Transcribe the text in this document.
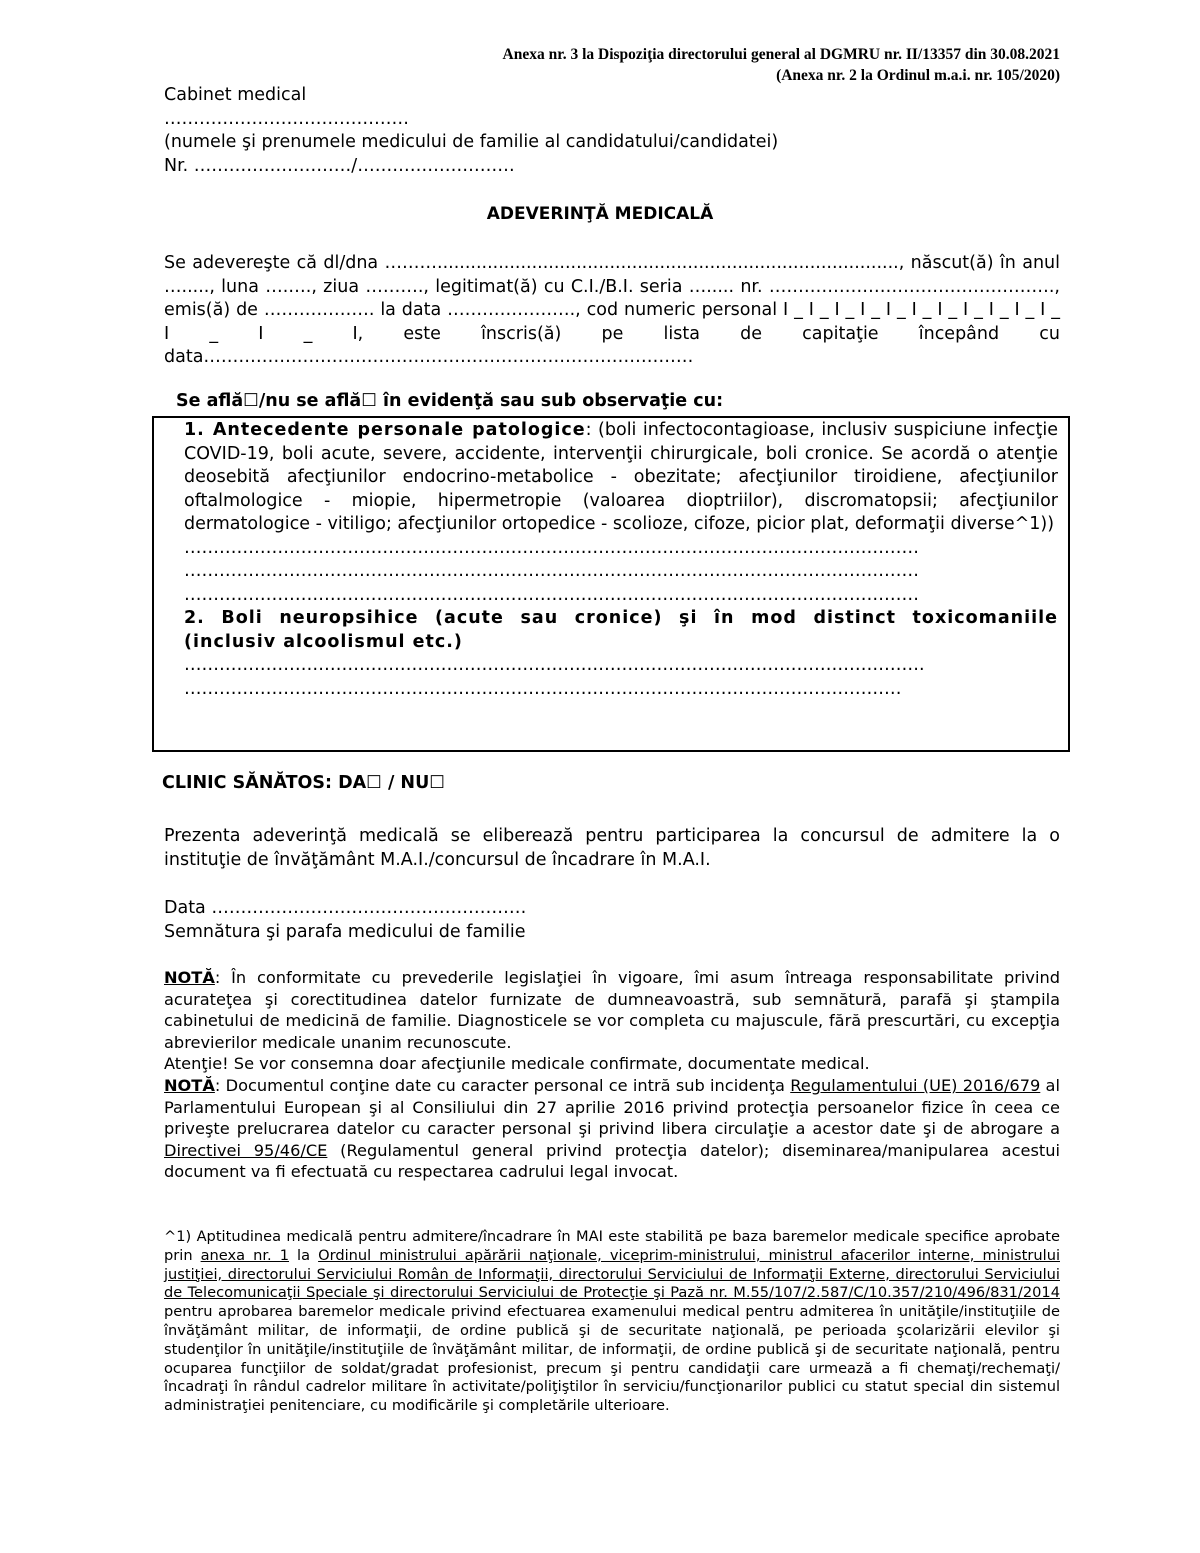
Anexa nr. 3 la Dispoziţia directorului general al DGMRU nr. II/13357 din 30.08.2021
(Anexa nr. 2 la Ordinul m.a.i. nr. 105/2020)
Cabinet medical
……………………………………
(numele şi prenumele medicului de familie al candidatului/candidatei)
Nr. ………………………/………………………
ADEVERINŢĂ MEDICALĂ
Se adevereşte că dl/dna ………..................................................................................., născut(ă) în anul …....., luna ….…., ziua ………., legitimat(ă) cu C.I./B.I. seria …..... nr. …………………………………………., emis(ă) de ………………. la data …………………., cod numeric personal I _ I _ I _ I _ I _ I _ I _ I _ I _ I _ I _ I _ I _ I, este înscris(ă) pe lista de capitaţie începând cu data…………………………………………………………………………
Se află☐/nu se află☐ în evidenţă sau sub observaţie cu:
1. Antecedente personale patologice: (boli infectocontagioase, inclusiv suspiciune infecţie COVID-19, boli acute, severe, accidente, intervenţii chirurgicale, boli cronice. Se acordă o atenţie deosebită afecţiunilor endocrino-metabolice - obezitate; afecţiunilor tiroidiene, afecţiunilor oftalmologice - miopie, hipermetropie (valoarea dioptriilor), discromatopsii; afecţiunilor dermatologice - vitiligo; afecţiunilor ortopedice - scolioze, cifoze, picior plat, deformaţii diverse^1))
………………………………………………………………………………………………………………
………………………………………………………………………………………………………………
………………………………………………………………………………………………………………
2. Boli neuropsihice (acute sau cronice) şi în mod distinct toxicomaniile (inclusiv alcoolismul etc.)
……………………………………………………………………………………………………………….
……………………………………………………………………………………………………………
CLINIC SĂNĂTOS: DA☐ / NU☐
Prezenta adeverinţă medicală se eliberează pentru participarea la concursul de admitere la o instituţie de învăţământ M.A.I./concursul de încadrare în M.A.I.
Data ………………………………………………
Semnătura şi parafa medicului de familie
NOTĂ: În conformitate cu prevederile legislaţiei în vigoare, îmi asum întreaga responsabilitate privind acurateţea şi corectitudinea datelor furnizate de dumneavoastră, sub semnătură, parafă şi ştampila cabinetului de medicină de familie. Diagnosticele se vor completa cu majuscule, fără prescurtări, cu excepţia abrevierilor medicale unanim recunoscute.
Atenţie! Se vor consemna doar afecţiunile medicale confirmate, documentate medical.
NOTĂ: Documentul conţine date cu caracter personal ce intră sub incidenţa Regulamentului (UE) 2016/679 al Parlamentului European şi al Consiliului din 27 aprilie 2016 privind protecţia persoanelor fizice în ceea ce priveşte prelucrarea datelor cu caracter personal şi privind libera circulaţie a acestor date şi de abrogare a Directivei 95/46/CE (Regulamentul general privind protecţia datelor); diseminarea/manipularea acestui document va fi efectuată cu respectarea cadrului legal invocat.
^1) Aptitudinea medicală pentru admitere/încadrare în MAI este stabilită pe baza baremelor medicale specifice aprobate prin anexa nr. 1 la Ordinul ministrului apărării naţionale, viceprim-ministrului, ministrul afacerilor interne, ministrului justiţiei, directorului Serviciului Român de Informaţii, directorului Serviciului de Informaţii Externe, directorului Serviciului de Telecomunicaţii Speciale şi directorului Serviciului de Protecţie şi Pază nr. M.55/107/2.587/C/10.357/210/496/831/2014 pentru aprobarea baremelor medicale privind efectuarea examenului medical pentru admiterea în unităţile/instituţiile de învăţământ militar, de informaţii, de ordine publică şi de securitate naţională, pe perioada şcolarizării elevilor şi studenţilor în unităţile/instituţiile de învăţământ militar, de informaţii, de ordine publică şi de securitate naţională, pentru ocuparea funcţiilor de soldat/gradat profesionist, precum şi pentru candidaţii care urmează a fi chemaţi/rechemaţi/încadraţi în rândul cadrelor militare în activitate/poliţiştilor în serviciu/funcţionarilor publici cu statut special din sistemul administraţiei penitenciare, cu modificările şi completările ulterioare.
